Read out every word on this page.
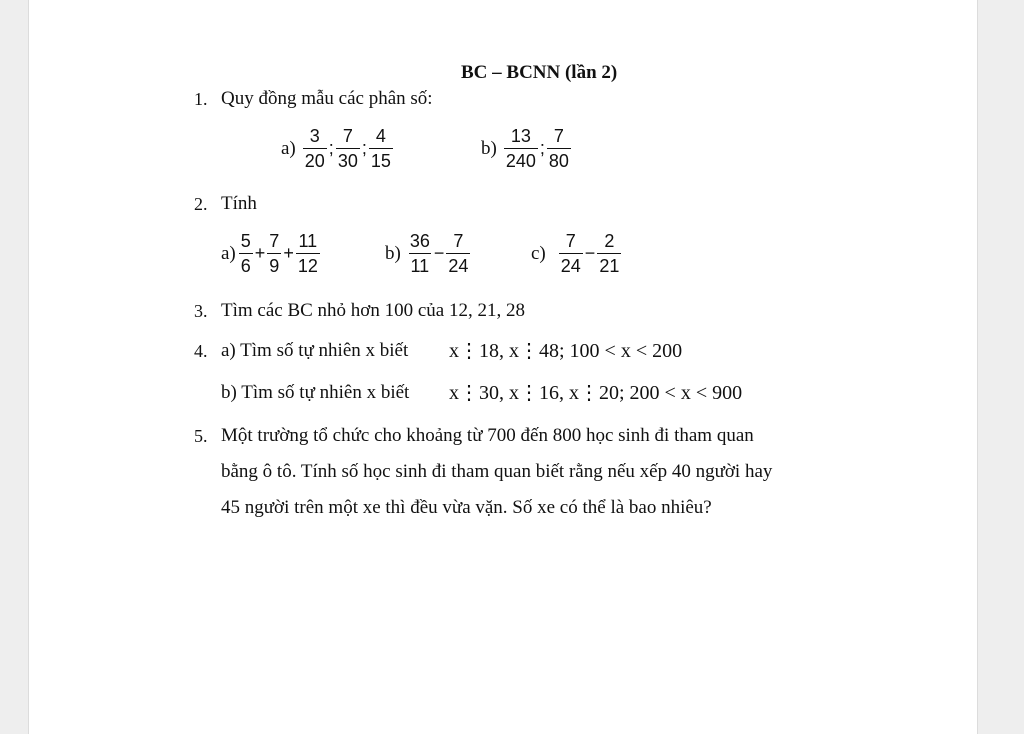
BC – BCNN (lần 2)
1. Quy đồng mẫu các phân số:
$a) \frac{3}{20}$ ; $\frac{7}{30}$ ; $\frac{4}{15}$	$b) \frac{13}{240}$ ; $\frac{7}{80}$
2. Tính
$a) \frac{5}{6} + \frac{7}{9} + \frac{11}{12}$	$b) \frac{36}{11} - \frac{7}{24}$	$c) \frac{7}{24} - \frac{2}{21}$
3. Tìm các BC nhỏ hơn 100 của 12, 21, 28
4. a) Tìm số tự nhiên x biết x⋮18, x⋮48; 100 < x < 200
b) Tìm số tự nhiên x biết x⋮30, x⋮16, x⋮20; 200 < x < 900
5. Một trường tổ chức cho khoảng từ 700 đến 800 học sinh đi tham quan
bằng ô tô. Tính số học sinh đi tham quan biết rằng nếu xếp 40 người hay
45 người trên một xe thì đều vừa vặn. Số xe có thể là bao nhiêu?
